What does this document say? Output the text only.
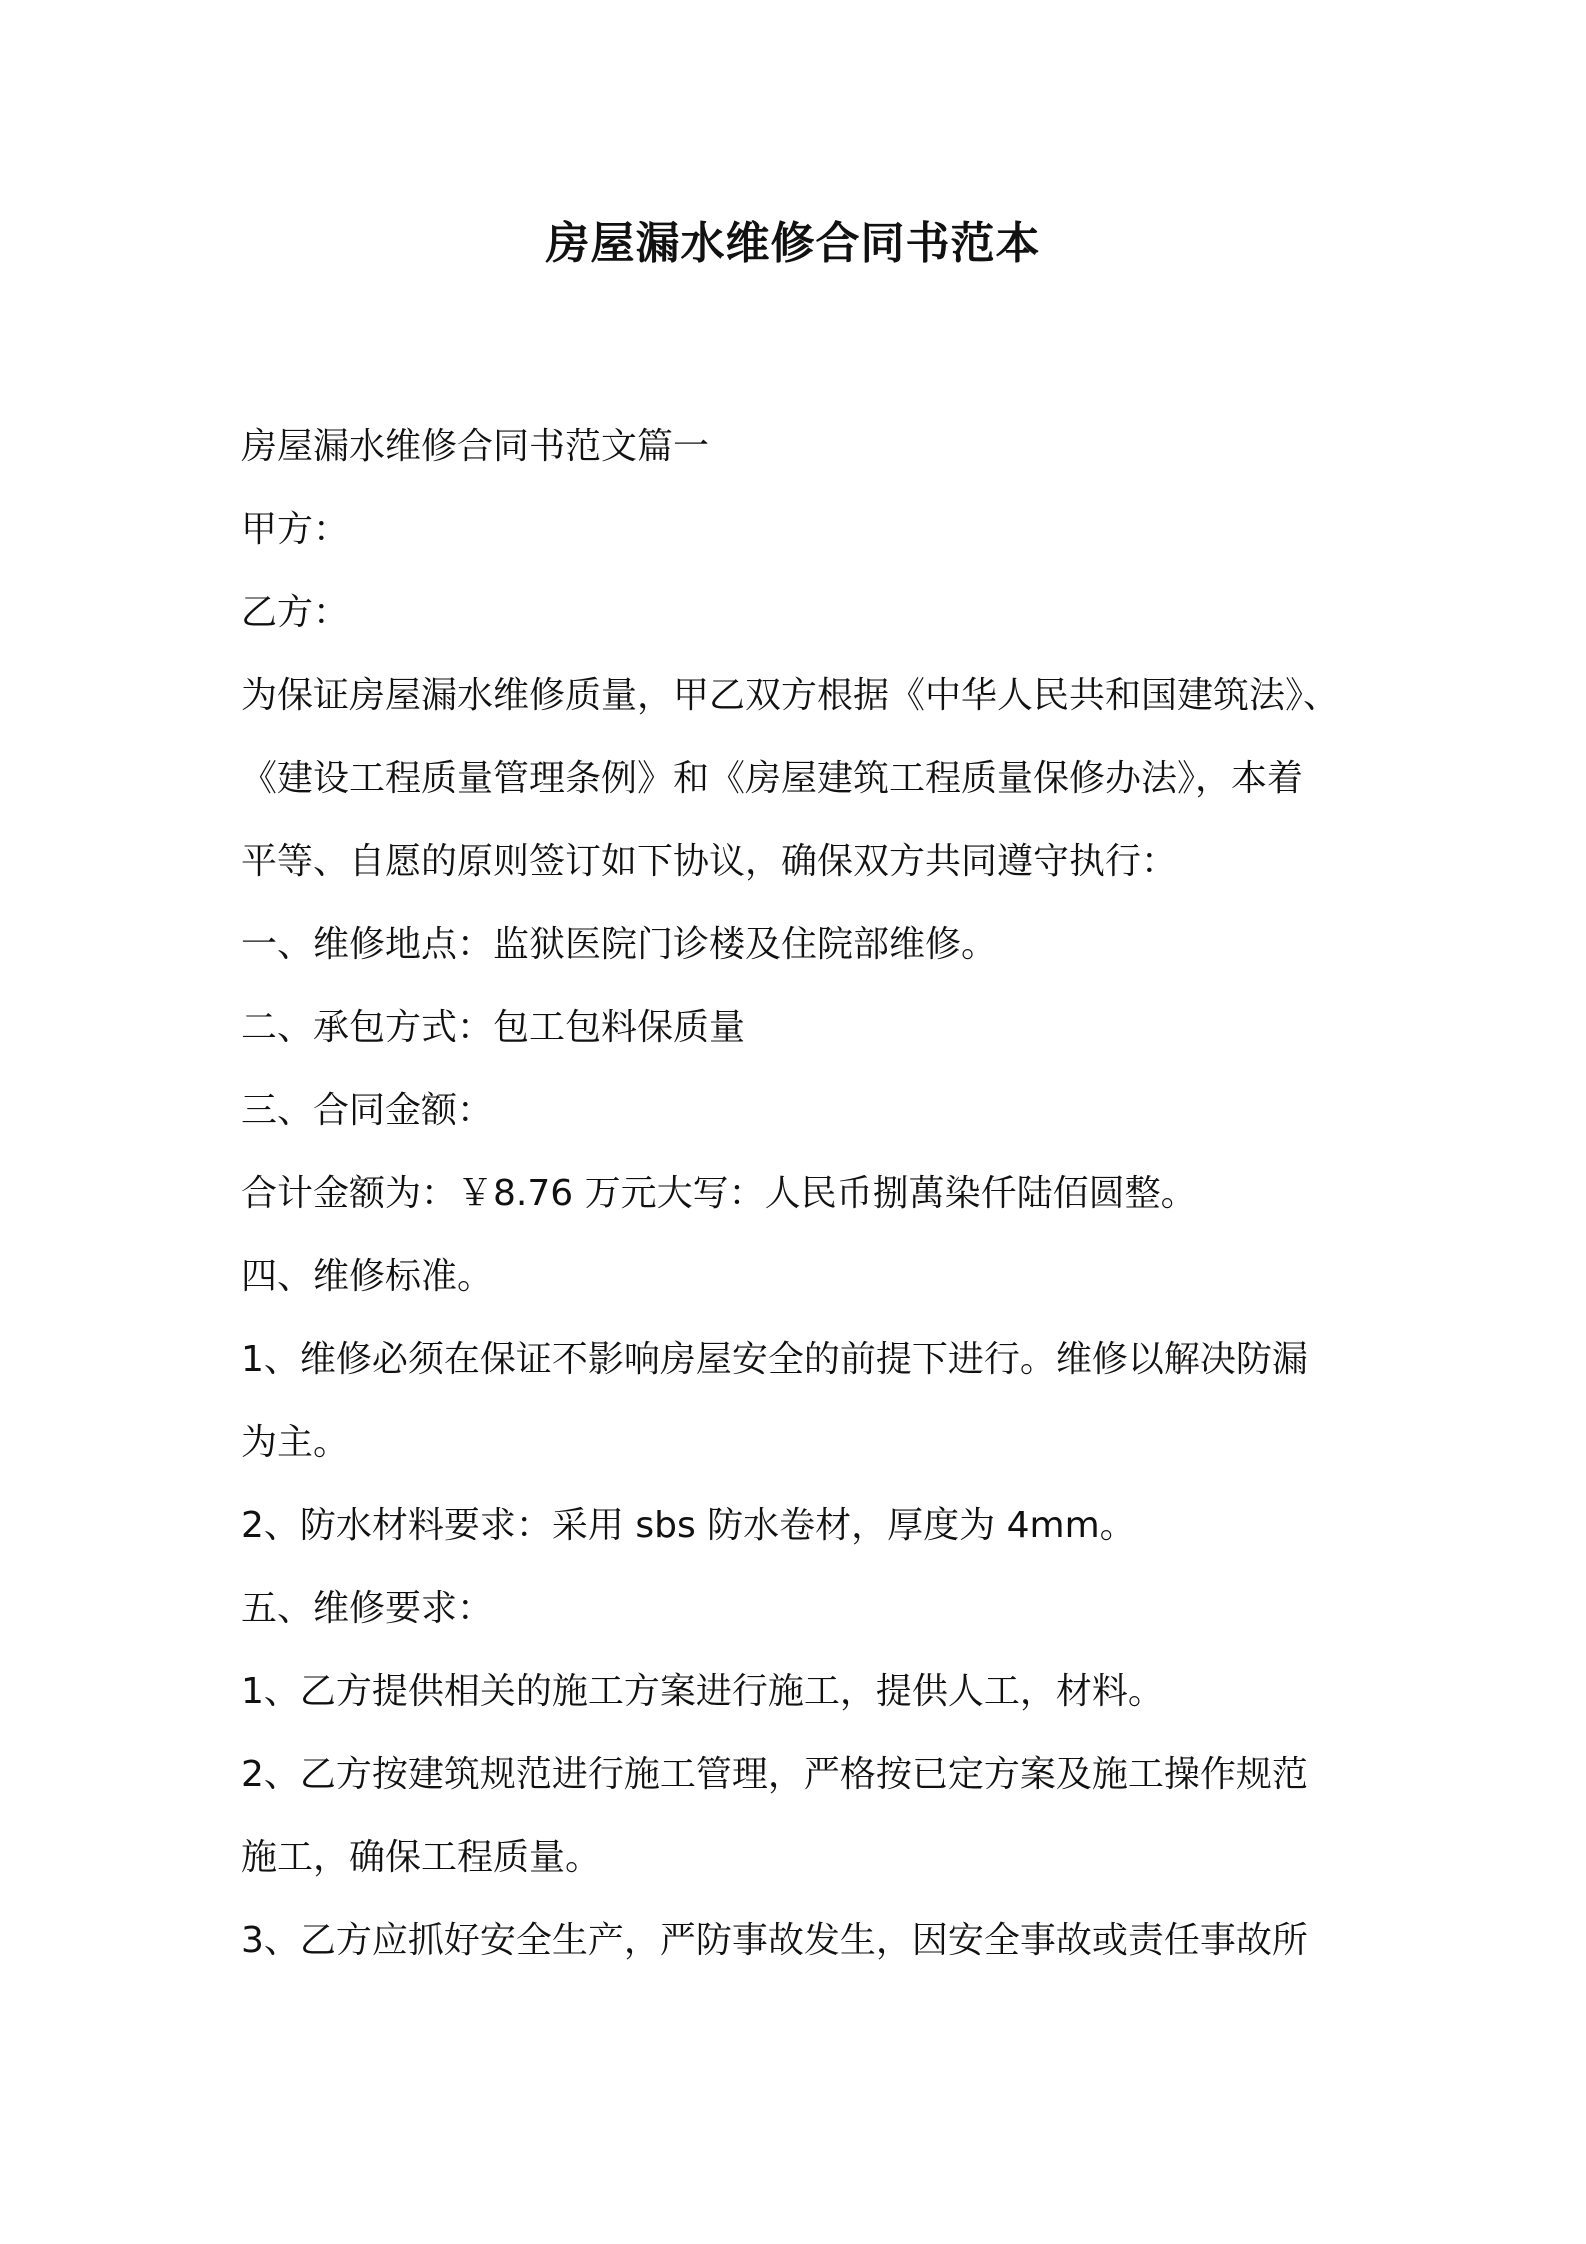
房屋漏水维修合同书范本

房屋漏水维修合同书范文篇一

甲方：

乙方：

为保证房屋漏水维修质量，甲乙双方根据《中华人民共和国建筑法》、

《建设工程质量管理条例》和《房屋建筑工程质量保修办法》，本着

平等、自愿的原则签订如下协议，确保双方共同遵守执行：

一、维修地点：监狱医院门诊楼及住院部维修。

二、承包方式：包工包料保质量

三、合同金额：

合计金额为：￥8.76 万元大写：人民币捌萬染仟陆佰圆整。

四、维修标准。

1、维修必须在保证不影响房屋安全的前提下进行。维修以解决防漏

为主。

2、防水材料要求：采用 sbs 防水卷材，厚度为 4mm。

五、维修要求：

1、乙方提供相关的施工方案进行施工，提供人工，材料。

2、乙方按建筑规范进行施工管理，严格按已定方案及施工操作规范

施工，确保工程质量。

3、乙方应抓好安全生产，严防事故发生，因安全事故或责任事故所
